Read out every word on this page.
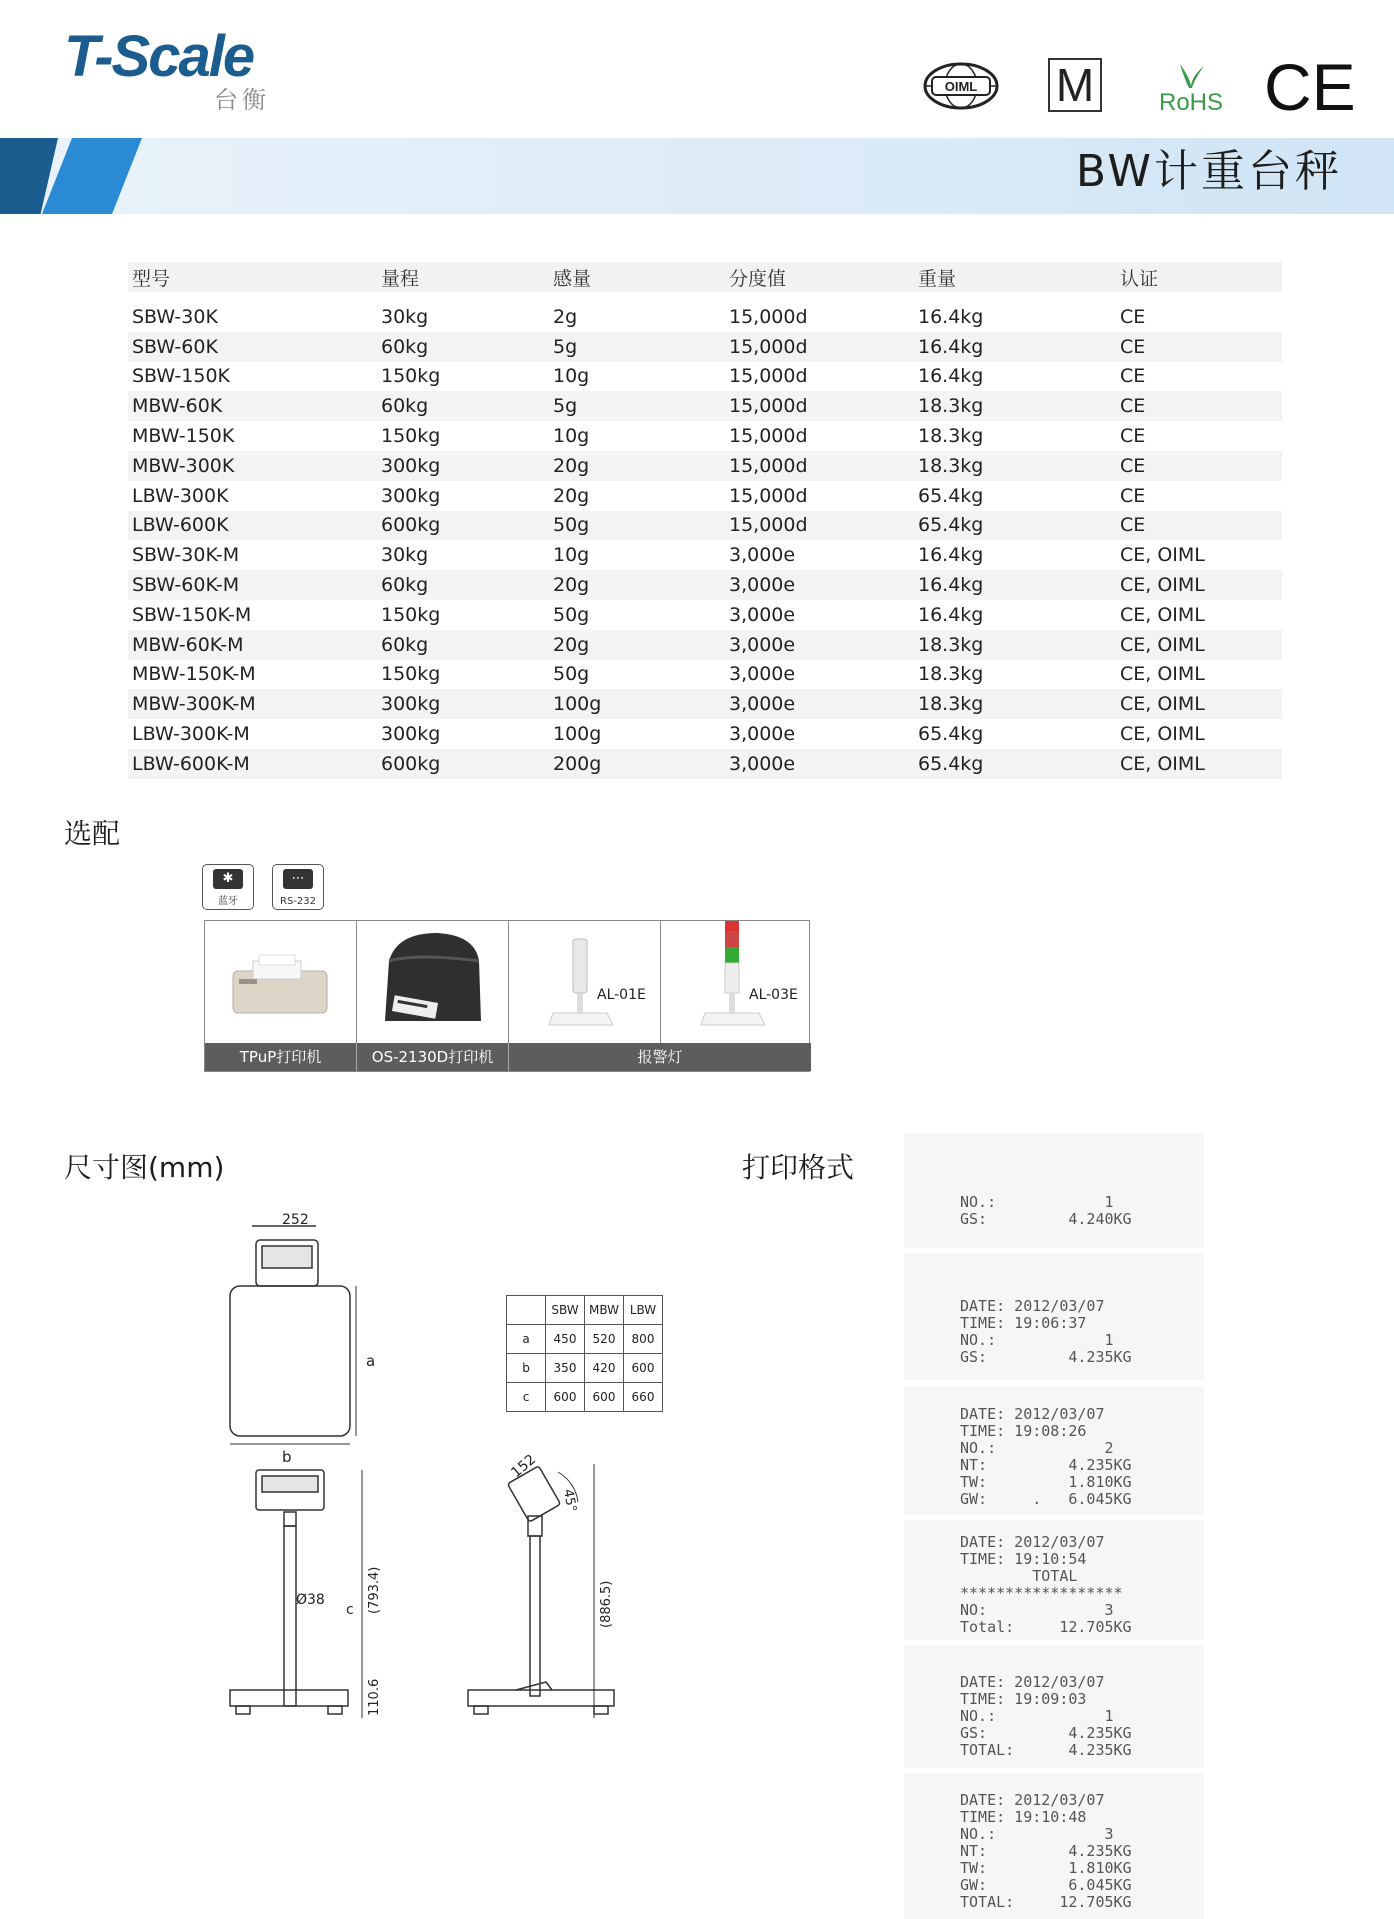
T-Scale
台衡	OIML M	RoHS CE
BW计重台秤
型号	量程	感量	分度值	重量	认证

SBW-30K	30kg	2g	15,000d	16.4kg	CE
SBW-60K	60kg	5g	15,000d	16.4kg	CE
SBW-150K	150kg	10g	15,000d	16.4kg	CE
MBW-60K	60kg	5g	15,000d	18.3kg	CE
MBW-150K	150kg	10g	15,000d	18.3kg	CE
MBW-300K	300kg	20g	15,000d	18.3kg	CE
LBW-300K	300kg	20g	15,000d	65.4kg	CE
LBW-600K	600kg	50g	15,000d	65.4kg	CE
SBW-30K-M	30kg	10g	3,000e	16.4kg	CE, OIML
SBW-60K-M	60kg	20g	3,000e	16.4kg	CE, OIML
SBW-150K-M	150kg	50g	3,000e	16.4kg	CE, OIML
MBW-60K-M	60kg	20g	3,000e	18.3kg	CE, OIML
MBW-150K-M	150kg	50g	3,000e	18.3kg	CE, OIML
MBW-300K-M	300kg	100g	3,000e	18.3kg	CE, OIML
LBW-300K-M	300kg	100g	3,000e	65.4kg	CE, OIML
LBW-600K-M	600kg	200g	3,000e	65.4kg	CE, OIML
选配
✱
蓝牙
⋯
RS-232
AL-01E	AL-03E
TPuP打印机	OS-2130D打印机	报警灯
尺寸图(mm)
252
a
b
Ø38
c (793.4)
110.6
152
45°
(886.5)
	SBW	MBW	LBW
a	450	520	800
b	350	420	600
c	600	600	660
打印格式
NO.:            1
GS:         4.240KG
DATE: 2012/03/07
TIME: 19:06:37
NO.:            1
GS:         4.235KG
DATE: 2012/03/07
TIME: 19:08:26
NO.:            2
NT:         4.235KG
TW:         1.810KG
GW:     .   6.045KG
DATE: 2012/03/07
TIME: 19:10:54
TOTAL
******************
NO:             3
Total:     12.705KG
DATE: 2012/03/07
TIME: 19:09:03
NO.:            1
GS:         4.235KG
TOTAL:      4.235KG
DATE: 2012/03/07
TIME: 19:10:48
NO.:            3
NT:         4.235KG
TW:         1.810KG
GW:         6.045KG
TOTAL:     12.705KG
